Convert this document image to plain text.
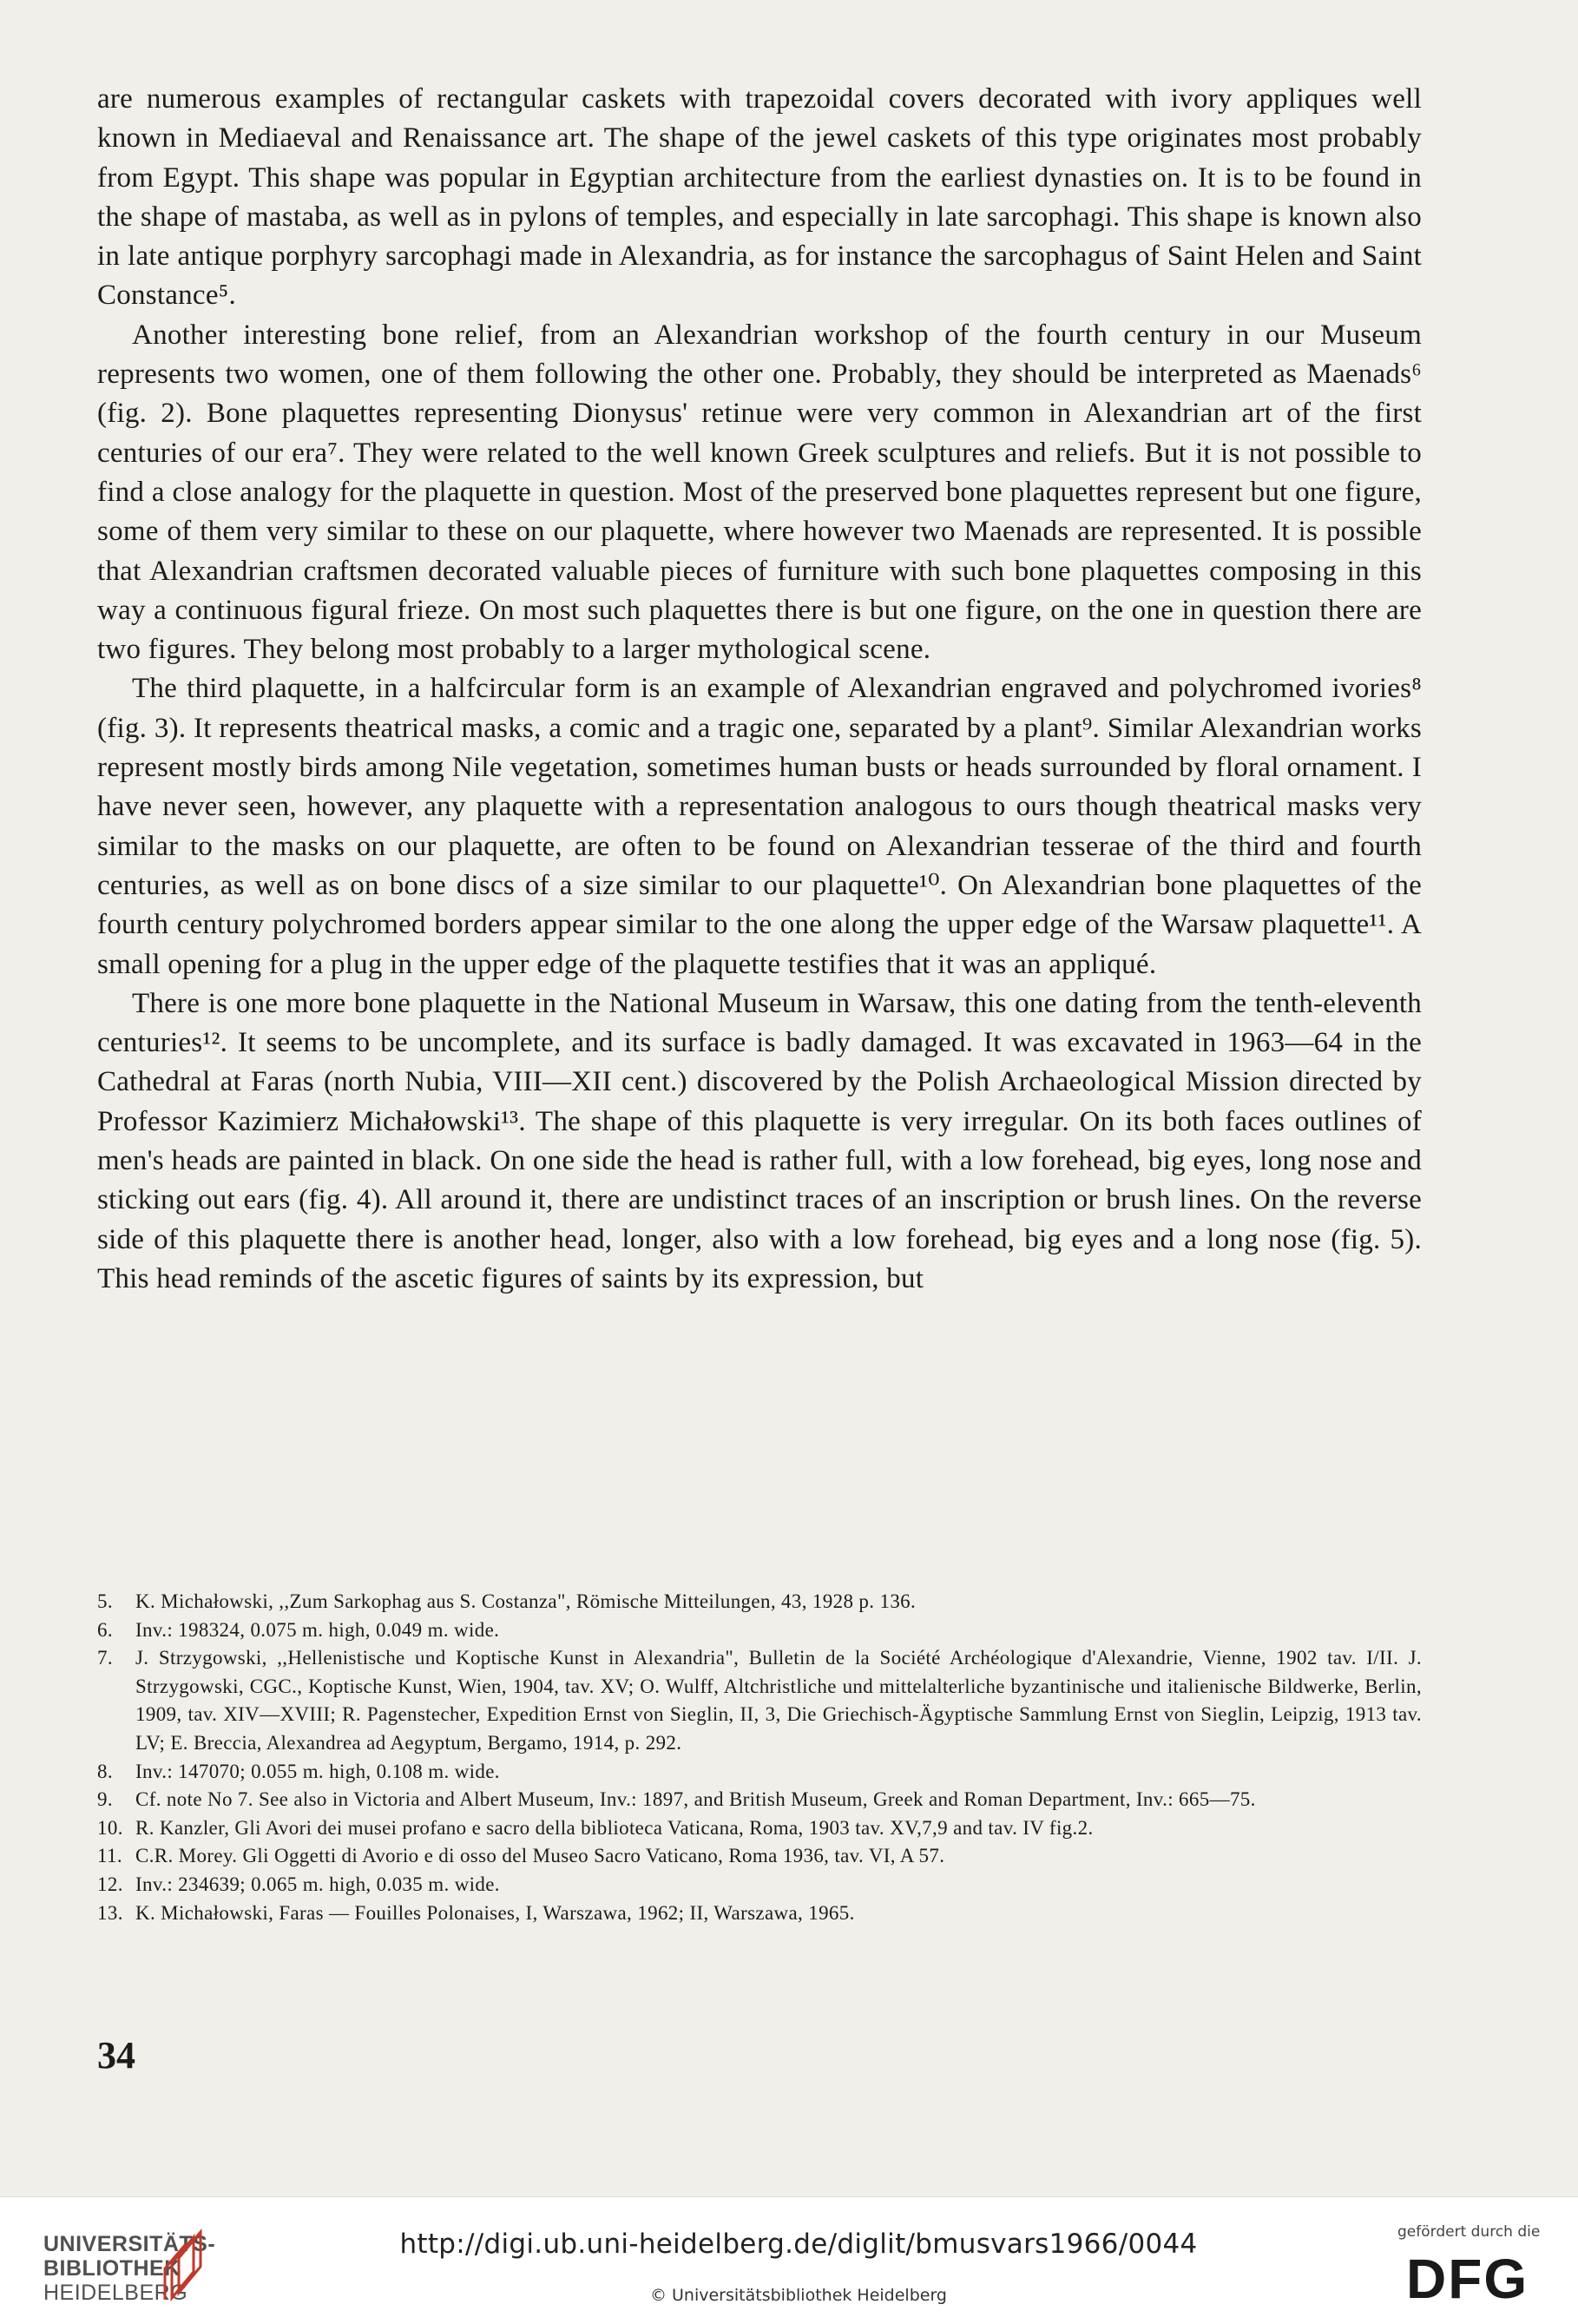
are numerous examples of rectangular caskets with trapezoidal covers decorated with ivory appliques well known in Mediaeval and Renaissance art. The shape of the jewel caskets of this type originates most probably from Egypt. This shape was popular in Egyptian architecture from the earliest dynasties on. It is to be found in the shape of mastaba, as well as in pylons of temples, and especially in late sarcophagi. This shape is known also in late antique porphyry sarcophagi made in Alexandria, as for instance the sarcophagus of Saint Helen and Saint Constance⁵.

Another interesting bone relief, from an Alexandrian workshop of the fourth century in our Museum represents two women, one of them following the other one. Probably, they should be interpreted as Maenads⁶ (fig. 2). Bone plaquettes representing Dionysus' retinue were very common in Alexandrian art of the first centuries of our era⁷. They were related to the well known Greek sculptures and reliefs. But it is not possible to find a close analogy for the plaquette in question. Most of the preserved bone plaquettes represent but one figure, some of them very similar to these on our plaquette, where however two Maenads are represented. It is possible that Alexandrian craftsmen decorated valuable pieces of furniture with such bone plaquettes composing in this way a continuous figural frieze. On most such plaquettes there is but one figure, on the one in question there are two figures. They belong most probably to a larger mythological scene.

The third plaquette, in a halfcircular form is an example of Alexandrian engraved and polychromed ivories⁸ (fig. 3). It represents theatrical masks, a comic and a tragic one, separated by a plant⁹. Similar Alexandrian works represent mostly birds among Nile vegetation, sometimes human busts or heads surrounded by floral ornament. I have never seen, however, any plaquette with a representation analogous to ours though theatrical masks very similar to the masks on our plaquette, are often to be found on Alexandrian tesserae of the third and fourth centuries, as well as on bone discs of a size similar to our plaquette¹⁰. On Alexandrian bone plaquettes of the fourth century polychromed borders appear similar to the one along the upper edge of the Warsaw plaquette¹¹. A small opening for a plug in the upper edge of the plaquette testifies that it was an appliqué.

There is one more bone plaquette in the National Museum in Warsaw, this one dating from the tenth-eleventh centuries¹². It seems to be uncomplete, and its surface is badly damaged. It was excavated in 1963—64 in the Cathedral at Faras (north Nubia, VIII—XII cent.) discovered by the Polish Archaeological Mission directed by Professor Kazimierz Michałowski¹³. The shape of this plaquette is very irregular. On its both faces outlines of men's heads are painted in black. On one side the head is rather full, with a low forehead, big eyes, long nose and sticking out ears (fig. 4). All around it, there are undistinct traces of an inscription or brush lines. On the reverse side of this plaquette there is another head, longer, also with a low forehead, big eyes and a long nose (fig. 5). This head reminds of the ascetic figures of saints by its expression, but

5.	K. Michałowski, ,,Zum Sarkophag aus S. Costanza", Römische Mitteilungen, 43, 1928 p. 136.
6.	Inv.: 198324, 0.075 m. high, 0.049 m. wide.
7.	J. Strzygowski, ,,Hellenistische und Koptische Kunst in Alexandria", Bulletin de la Société Archéologique d'Alexandrie, Vienne, 1902 tav. I/II. J. Strzygowski, CGC., Koptische Kunst, Wien, 1904, tav. XV; O. Wulff, Altchristliche und mittelalterliche byzantinische und italienische Bildwerke, Berlin, 1909, tav. XIV—XVIII; R. Pagenstecher, Expedition Ernst von Sieglin, II, 3, Die Griechisch-Ägyptische Sammlung Ernst von Sieglin, Leipzig, 1913 tav. LV; E. Breccia, Alexandrea ad Aegyptum, Bergamo, 1914, p. 292.
8.	Inv.: 147070; 0.055 m. high, 0.108 m. wide.
9.	Cf. note No 7. See also in Victoria and Albert Museum, Inv.: 1897, and British Museum, Greek and Roman Department, Inv.: 665—75.
10. R. Kanzler, Gli Avori dei musei profano e sacro della biblioteca Vaticana, Roma, 1903 tav. XV,7,9 and tav. IV fig.2.
11. C.R. Morey. Gli Oggetti di Avorio e di osso del Museo Sacro Vaticano, Roma 1936, tav. VI, A 57.
12. Inv.: 234639; 0.065 m. high, 0.035 m. wide.
13. K. Michałowski, Faras — Fouilles Polonaises, I, Warszawa, 1962; II, Warszawa, 1965.
34
UNIVERSITÄTS-
BIBLIOTHEK
HEIDELBERG
http://digi.ub.uni-heidelberg.de/diglit/bmusvars1966/0044
© Universitätsbibliothek Heidelberg
gefördert durch die
DFG
